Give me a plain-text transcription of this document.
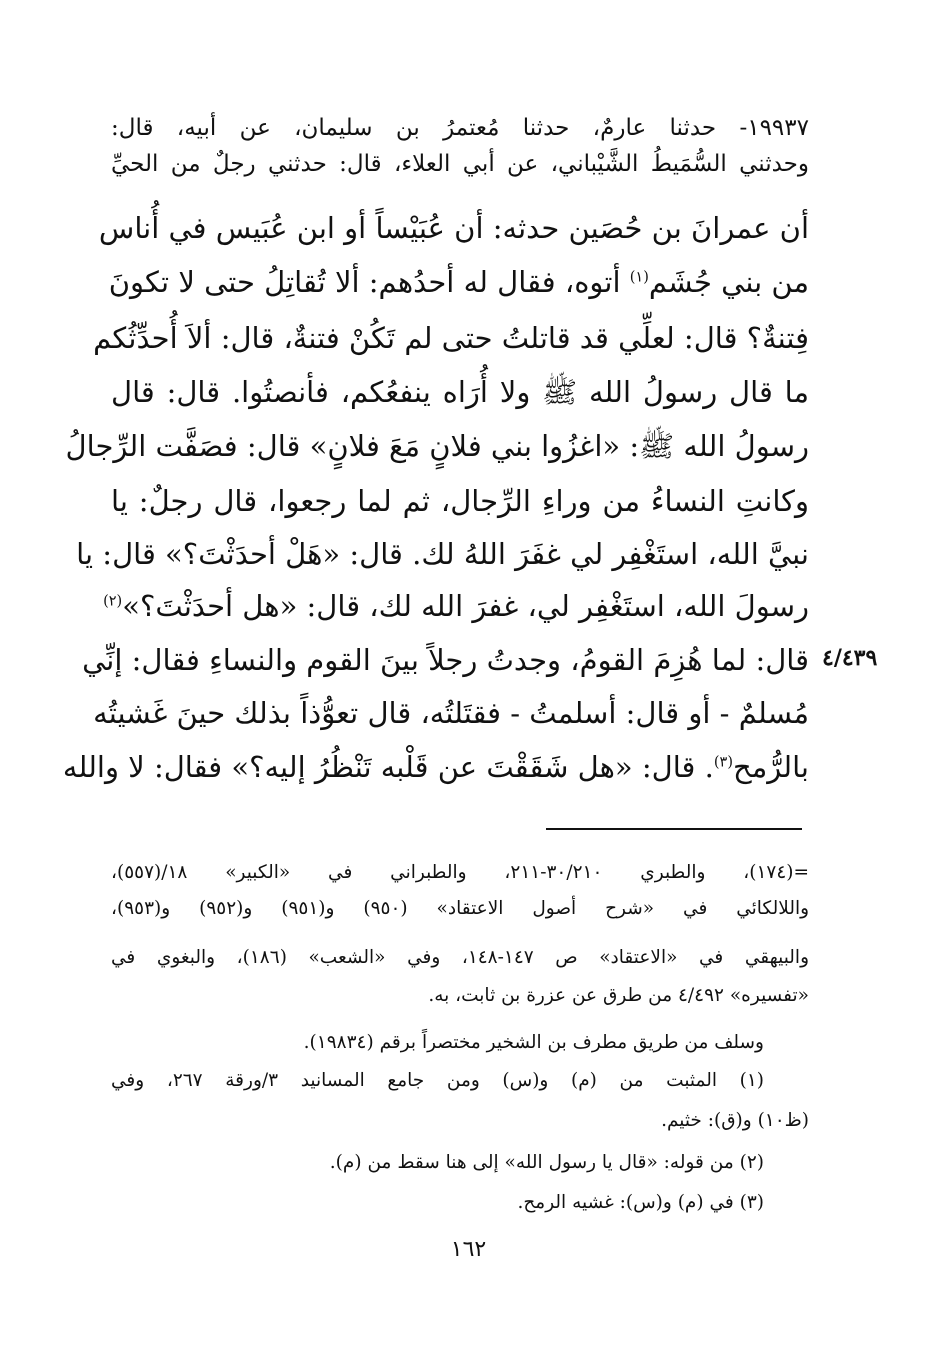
١٩٩٣٧- حدثنا عارمٌ، حدثنا مُعتمرُ بن سليمان، عن أبيه، قال:
وحدثني السُّمَيطُ الشَّيْباني، عن أبي العلاء، قال: حدثني رجلٌ من الحيِّ
أن عمرانَ بن حُصَين حدثه: أن عُبَيْساً أو ابن عُبَيس في أُناس
من بني جُشَم$^{(١)}$ أتوه، فقال له أحدُهم: ألا تُقاتِلُ حتى لا تكونَ
فِتنةٌ؟ قال: لعلِّي قد قاتلتُ حتى لم تَكُنْ فتنةٌ، قال: ألاَ أُحدِّثُكم
ما قال رسولُ الله ﷺ ولا أُرَاه ينفعُكم، فأنصتُوا. قال: قال
رسولُ الله ﷺ: «اغزُوا بني فلانٍ مَعَ فلانٍ» قال: فصَفَّت الرِّجالُ
وكانتِ النساءُ من وراءِ الرِّجال، ثم لما رجعوا، قال رجلٌ: يا
نبيَّ الله، استَغْفِر لي غفَرَ اللهُ لك. قال: «هَلْ أحدَثْتَ؟» قال: يا
رسولَ الله، استَغْفِر لي، غفرَ الله لك، قال: «هل أحدَثْتَ؟»$^{(٢)}$
قال: لما هُزِمَ القومُ، وجدتُ رجلاً بينَ القوم والنساءِ فقال: إنِّي
مُسلمٌ - أو قال: أسلمتُ - فقتَلتُه، قال تعوُّذاً بذلك حينَ غَشيتُه
بالرُّمح$^{(٣)}$. قال: «هل شَقَقْتَ عن قَلْبه تَنْظُرُ إليه؟» فقال: لا والله
٤/٤٣٩
=(١٧٤)، والطبري ٣٠/٢١٠-٢١١، والطبراني في «الكبير» ١٨/(٥٥٧)،
واللالكائي في «شرح أصول الاعتقاد» (٩٥٠) و(٩٥١) و(٩٥٢) و(٩٥٣)،
والبيهقي في «الاعتقاد» ص ١٤٧-١٤٨، وفي «الشعب» (١٨٦)، والبغوي في
«تفسيره» ٤/٤٩٢ من طرق عن عزرة بن ثابت، به.
وسلف من طريق مطرف بن الشخير مختصراً برقم (١٩٨٣٤).
(١) المثبت من (م) و(س) ومن جامع المسانيد ٣/ورقة ٢٦٧، وفي
(ظ١٠) و(ق): خثيم.
(٢) من قوله: «قال يا رسول الله» إلى هنا سقط من (م).
(٣) في (م) و(س): غشيه الرمح.
١٦٢
